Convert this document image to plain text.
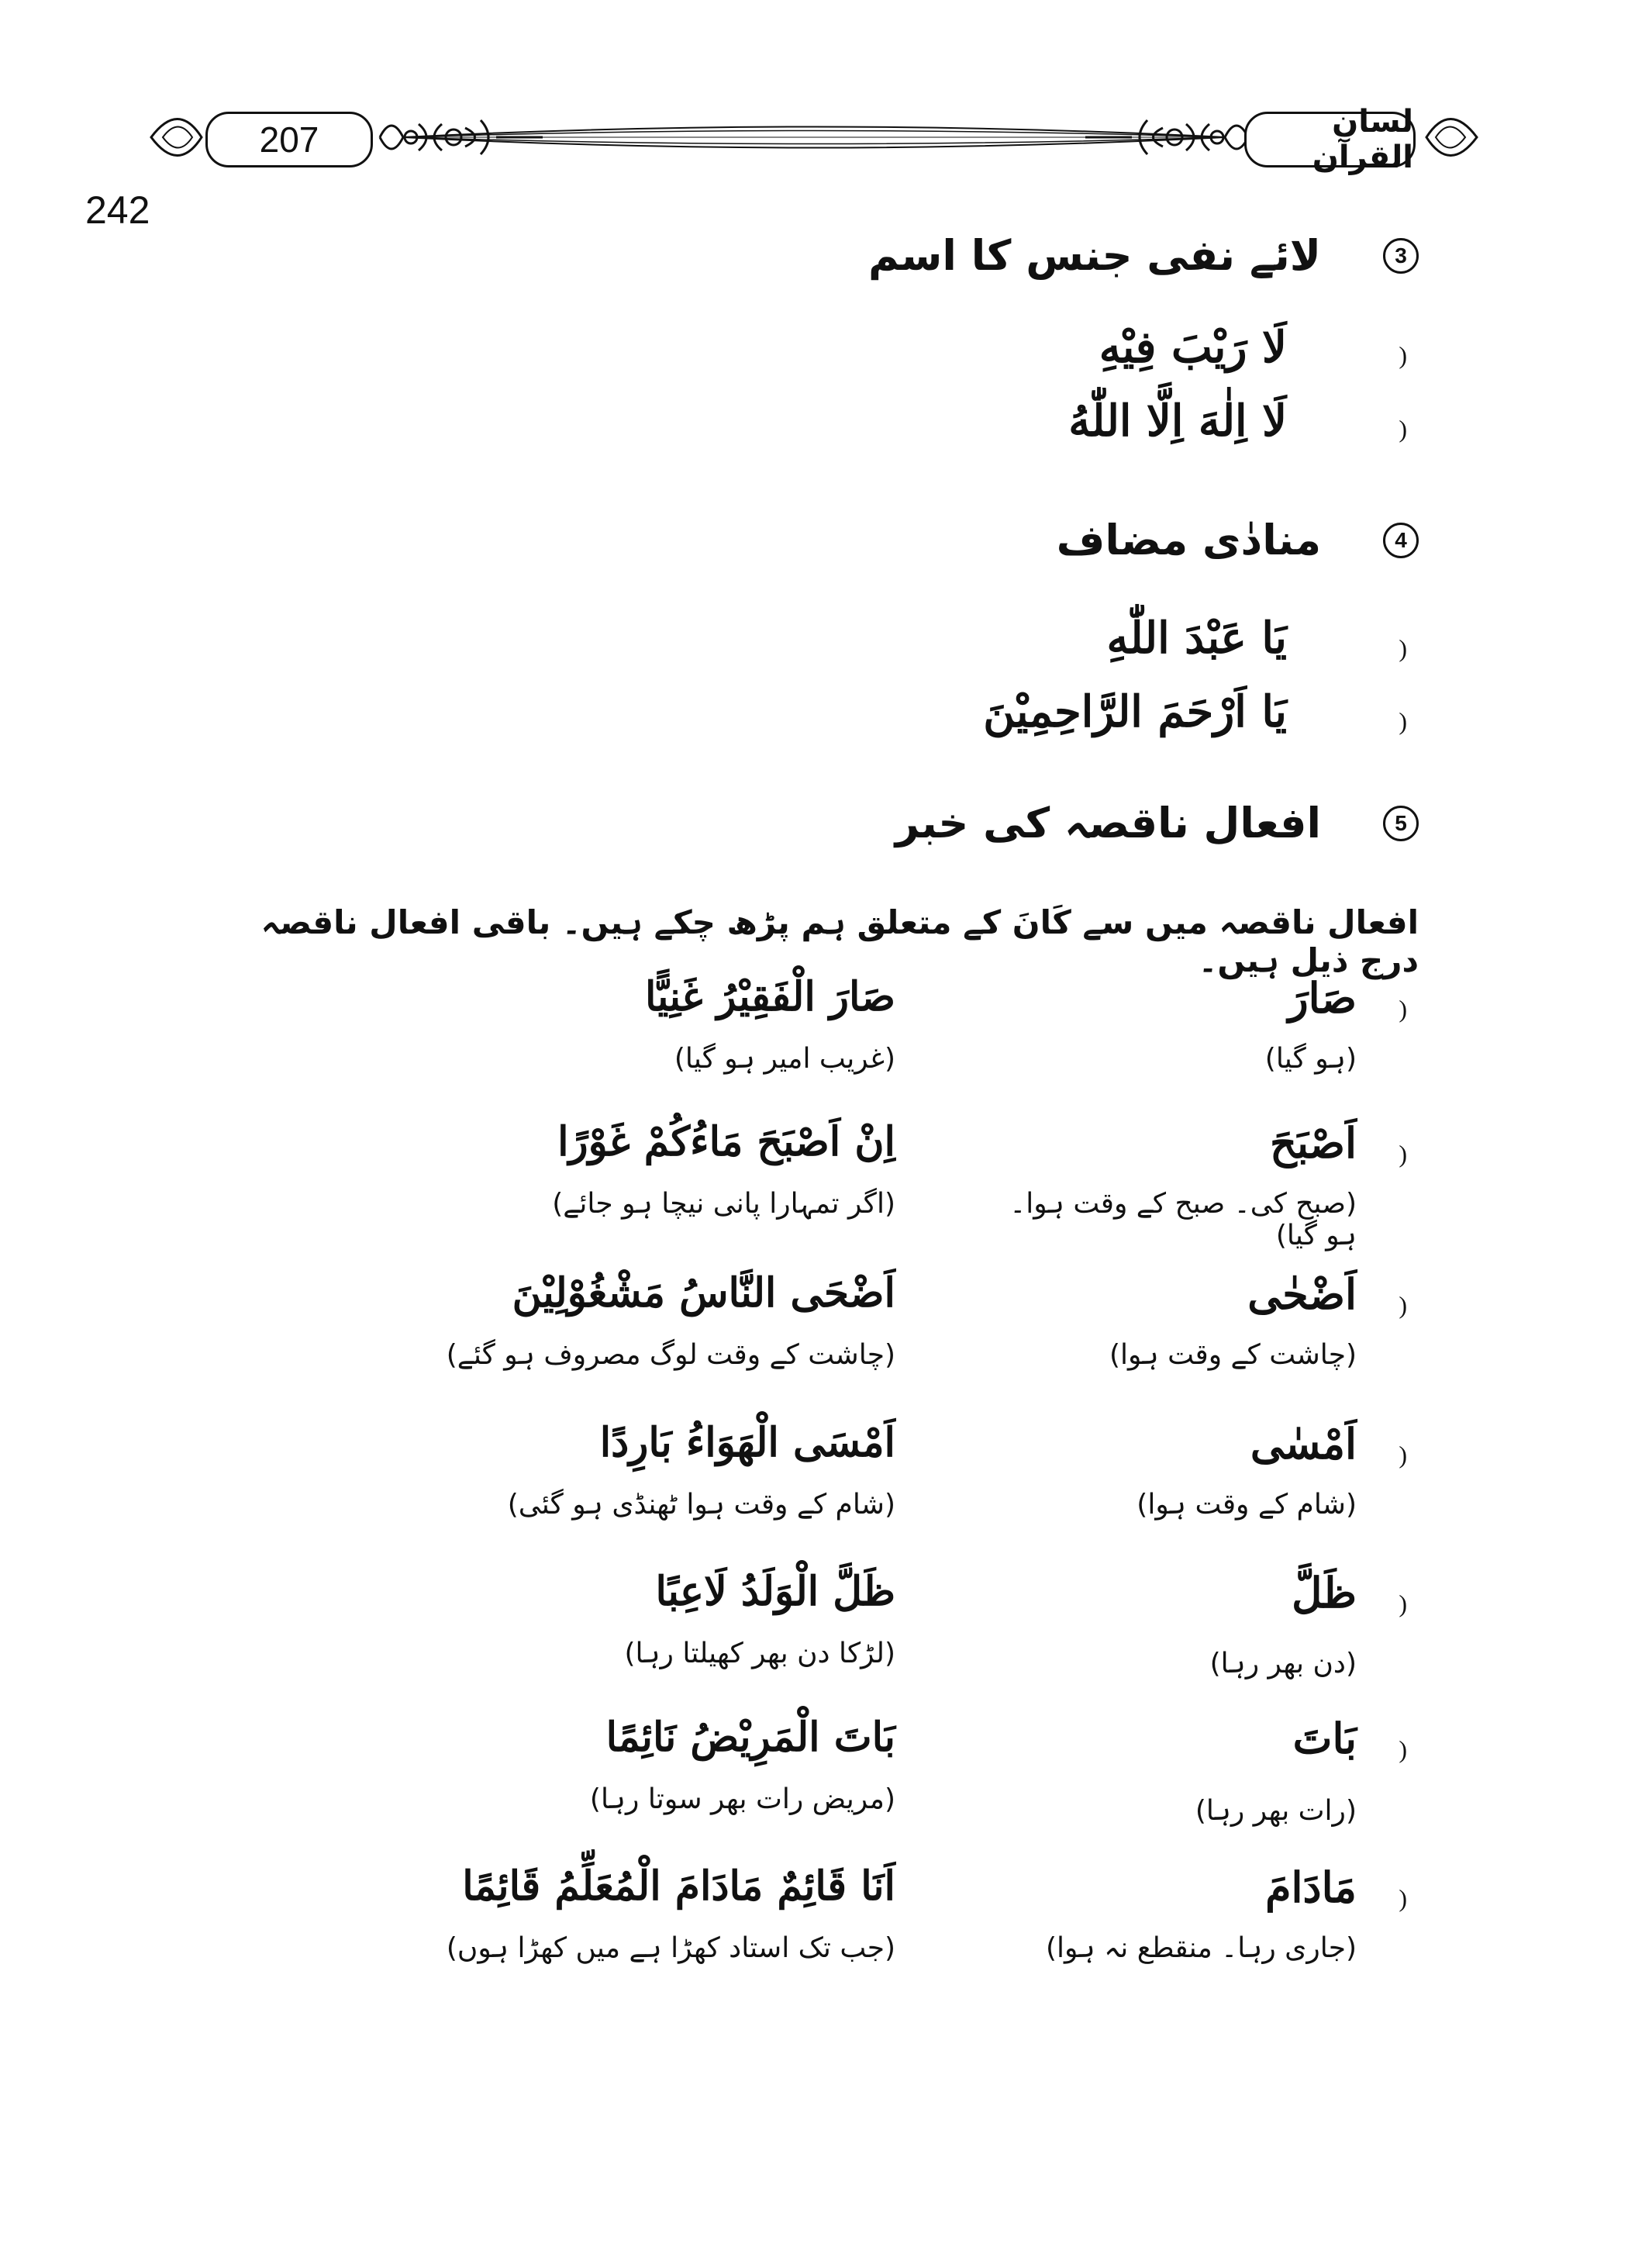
207	لسان القرآن
242
3
لائے نفی جنس کا اسم
)
لَا رَیْبَ فِیْهِ
)
لَا اِلٰهَ اِلَّا اللّٰهُ
4
منادٰی مضاف
)
یَا عَبْدَ اللّٰهِ
)
یَا اَرْحَمَ الرَّاحِمِیْنَ
5
افعال ناقصہ کی خبر
افعال ناقصہ میں سے کَانَ کے متعلق ہم پڑھ چکے ہیں۔ باقی افعال ناقصہ درج ذیل ہیں۔
)
صَارَ
(ہو گیا)
صَارَ الْفَقِیْرُ غَنِیًّا
(غریب امیر ہو گیا)
)
اَصْبَحَ
(صبح کی۔ صبح کے وقت ہوا۔ ہو گیا)
اِنْ اَصْبَحَ مَاءُکُمْ غَوْرًا
(اگر تمہارا پانی نیچا ہو جائے)
)
اَضْحٰی
(چاشت کے وقت ہوا)
اَضْحَی النَّاسُ مَشْغُوْلِیْنَ
(چاشت کے وقت لوگ مصروف ہو گئے)
)
اَمْسٰی
(شام کے وقت ہوا)
اَمْسَی الْهَوَاءُ بَارِدًا
(شام کے وقت ہوا ٹھنڈی ہو گئی)
)
ظَلَّ
(دن بھر رہا)
ظَلَّ الْوَلَدُ لَاعِبًا
(لڑکا دن بھر کھیلتا رہا)
)
بَاتَ
(رات بھر رہا)
بَاتَ الْمَرِیْضُ نَائِمًا
(مریض رات بھر سوتا رہا)
)
مَادَامَ
(جاری رہا۔ منقطع نہ ہوا)
اَنَا قَائِمٌ مَادَامَ الْمُعَلِّمُ قَائِمًا
(جب تک استاد کھڑا ہے میں کھڑا ہوں)
